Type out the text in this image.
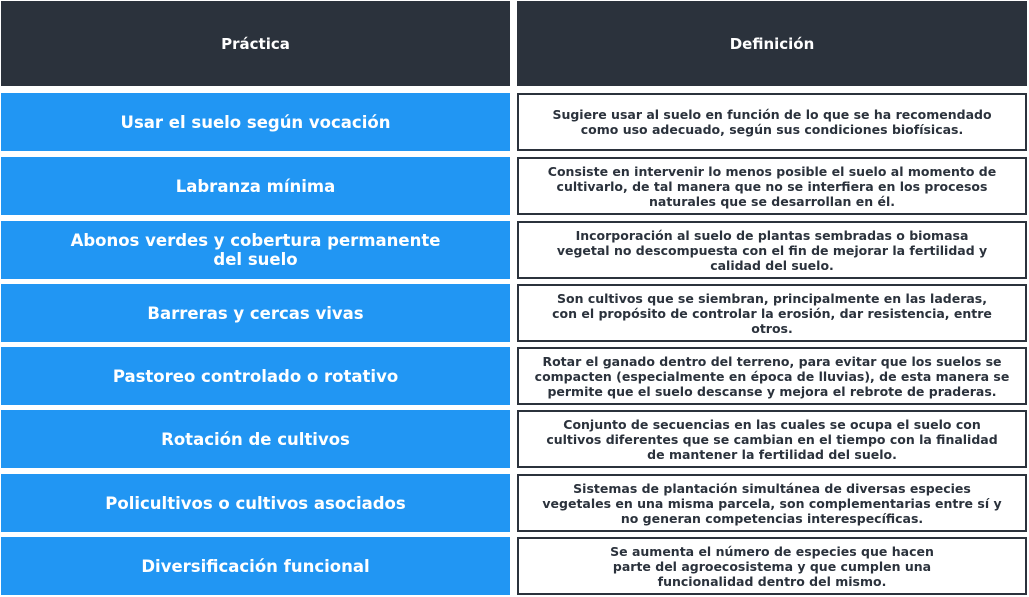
Práctica	Definición
Usar el suelo según vocación	Sugiere usar al suelo en función de lo que se ha recomendado como uso adecuado, según sus condiciones biofísicas.
Labranza mínima
Consiste en intervenir lo menos posible el suelo al momento de cultivarlo, de tal manera que no se interfiera en los procesos naturales que se desarrollan en él.
Abonos verdes y cobertura permanente del suelo
Incorporación al suelo de plantas sembradas o biomasa vegetal no descompuesta con el fin de mejorar la fertilidad y calidad del suelo.
Barreras y cercas vivas
Son cultivos que se siembran, principalmente en las laderas, con el propósito de controlar la erosión, dar resistencia, entre otros.
Pastoreo controlado o rotativo
Rotar el ganado dentro del terreno, para evitar que los suelos se compacten (especialmente en época de lluvias), de esta manera se permite que el suelo descanse y mejora el rebrote de praderas.
Rotación de cultivos
Conjunto de secuencias en las cuales se ocupa el suelo con cultivos diferentes que se cambian en el tiempo con la finalidad de mantener la fertilidad del suelo.
Policultivos o cultivos asociados
Sistemas de plantación simultánea de diversas especies vegetales en una misma parcela, son complementarias entre sí y no generan competencias interespecíficas.
Diversificación funcional
Se aumenta el número de especies que hacen parte del agroecosistema y que cumplen una funcionalidad dentro del mismo.
